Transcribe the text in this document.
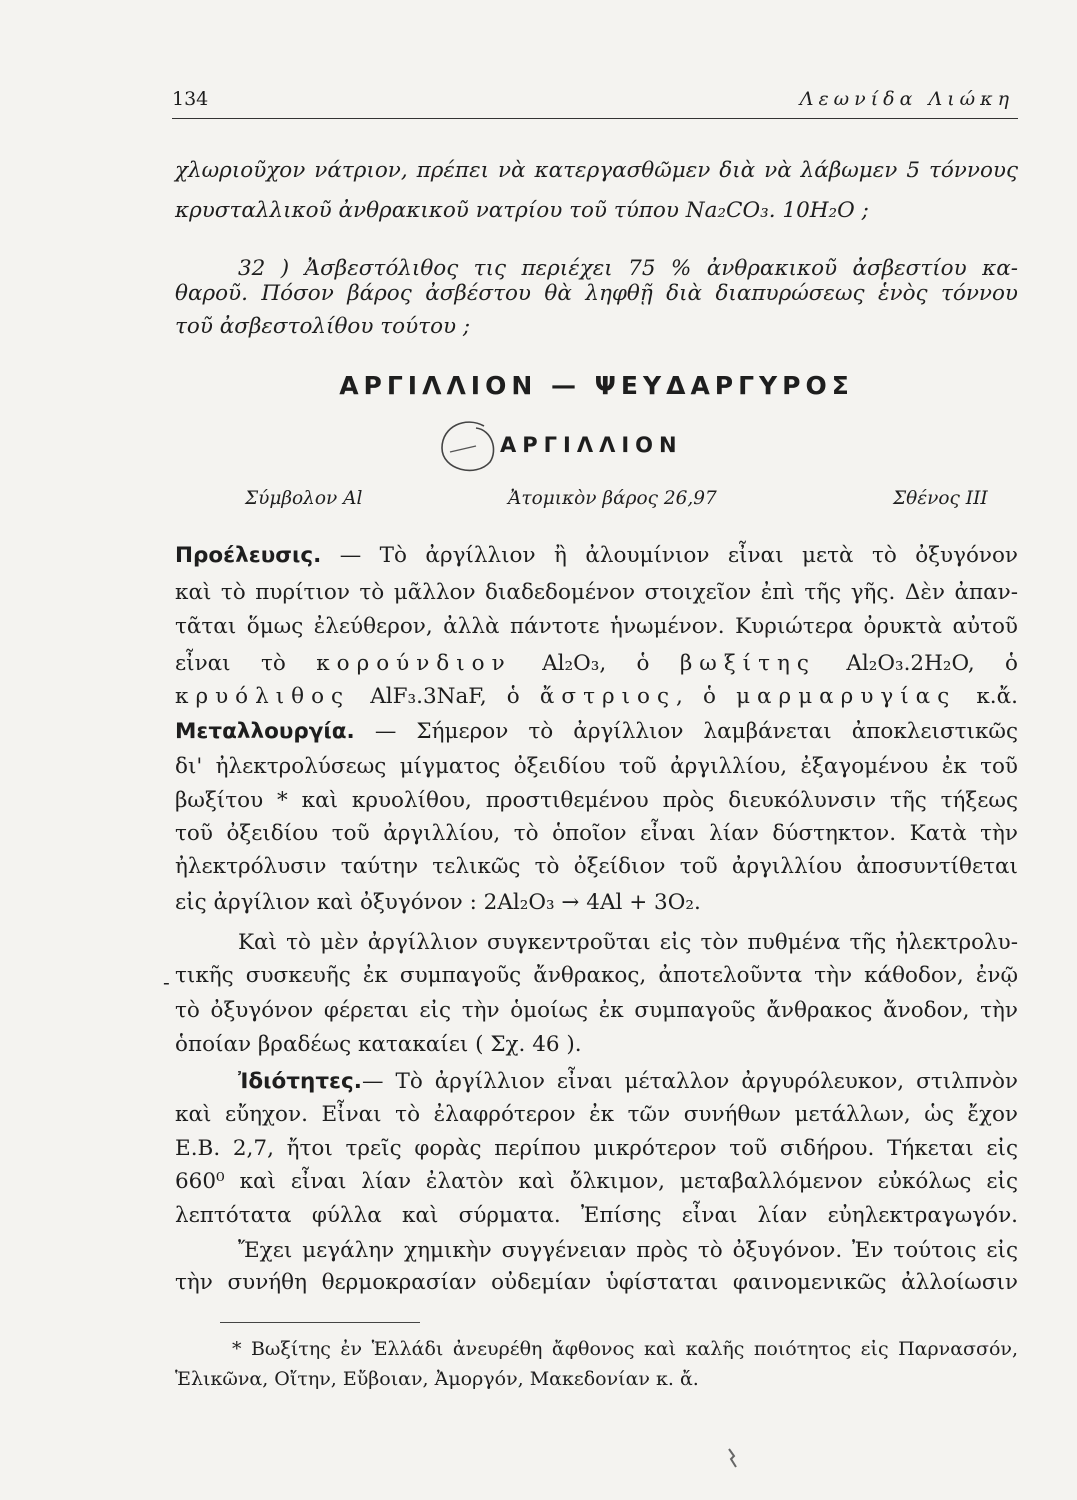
134	Λεωνίδα Λιώκη
χλωριοῦχον νάτριον, πρέπει νὰ κατεργασθῶμεν διὰ νὰ λάβωμεν 5 τόννους
κρυσταλλικοῦ ἀνθρακικοῦ νατρίου τοῦ τύπου Na₂CO₃. 10H₂O ;
32 ) Ἀσβεστόλιθος τις περιέχει 75 % ἀνθρακικοῦ ἀσβεστίου κα-
θαροῦ. Πόσον βάρος ἀσβέστου θὰ ληφθῇ διὰ διαπυρώσεως ἑνὸς τόννου
τοῦ ἀσβεστολίθου τούτου ;
ΑΡΓΙΛΛΙΟΝ — ΨΕΥΔΑΡΓΥΡΟΣ
ΑΡΓΙΛΛΙΟΝ
Σύμβολον Al	Ἀτομικὸν βάρος 26,97	Σθένος III
Προέλευσις. — Τὸ ἀργίλλιον ἢ ἀλουμίνιον εἶναι μετὰ τὸ ὀξυγόνον
καὶ τὸ πυρίτιον τὸ μᾶλλον διαδεδομένον στοιχεῖον ἐπὶ τῆς γῆς. Δὲν ἀπαν-
τᾶται ὅμως ἐλεύθερον, ἀλλὰ πάντοτε ἡνωμένον. Κυριώτερα ὀρυκτὰ αὐτοῦ
εἶναι τὸ κορούνδιον Al₂O₃, ὁ βωξίτης Al₂O₃.2H₂O, ὁ
κρυόλιθος AlF₃.3NaF, ὁ ἄστριος, ὁ μαρμαρυγίας κ.ἄ.
Μεταλλουργία. — Σήμερον τὸ ἀργίλλιον λαμβάνεται ἀποκλειστικῶς
δι' ἠλεκτρολύσεως μίγματος ὀξειδίου τοῦ ἀργιλλίου, ἐξαγομένου ἐκ τοῦ
βωξίτου * καὶ κρυολίθου, προστιθεμένου πρὸς διευκόλυνσιν τῆς τήξεως
τοῦ ὀξειδίου τοῦ ἀργιλλίου, τὸ ὁποῖον εἶναι λίαν δύστηκτον. Κατὰ τὴν
ἠλεκτρόλυσιν ταύτην τελικῶς τὸ ὀξείδιον τοῦ ἀργιλλίου ἀποσυντίθεται
εἰς ἀργίλιον καὶ ὀξυγόνον : 2Al₂O₃ → 4Al + 3O₂.
Καὶ τὸ μὲν ἀργίλλιον συγκεντροῦται εἰς τὸν πυθμένα τῆς ἠλεκτρολυ-
- τικῆς συσκευῆς ἐκ συμπαγοῦς ἄνθρακος, ἀποτελοῦντα τὴν κάθοδον, ἐνῷ
τὸ ὀξυγόνον φέρεται εἰς τὴν ὁμοίως ἐκ συμπαγοῦς ἄνθρακος ἄνοδον, τὴν
ὁποίαν βραδέως κατακαίει ( Σχ. 46 ).
Ἰδιότητες.— Τὸ ἀργίλλιον εἶναι μέταλλον ἀργυρόλευκον, στιλπνὸν
καὶ εὔηχον. Εἶναι τὸ ἐλαφρότερον ἐκ τῶν συνήθων μετάλλων, ὡς ἔχον
Ε.Β. 2,7, ἤτοι τρεῖς φορὰς περίπου μικρότερον τοῦ σιδήρου. Τήκεται εἰς
660⁰ καὶ εἶναι λίαν ἐλατὸν καὶ ὄλκιμον, μεταβαλλόμενον εὐκόλως εἰς
λεπτότατα φύλλα καὶ σύρματα. Ἐπίσης εἶναι λίαν εὐηλεκτραγωγόν.
Ἔχει μεγάλην χημικὴν συγγένειαν πρὸς τὸ ὀξυγόνον. Ἐν τούτοις εἰς
τὴν συνήθη θερμοκρασίαν οὐδεμίαν ὑφίσταται φαινομενικῶς ἀλλοίωσιν
* Βωξίτης ἐν Ἑλλάδι ἀνευρέθη ἄφθονος καὶ καλῆς ποιότητος εἰς Παρνασσόν,
Ἑλικῶνα, Οἴτην, Εὔβοιαν, Ἀμοργόν, Μακεδονίαν κ. ἄ.
